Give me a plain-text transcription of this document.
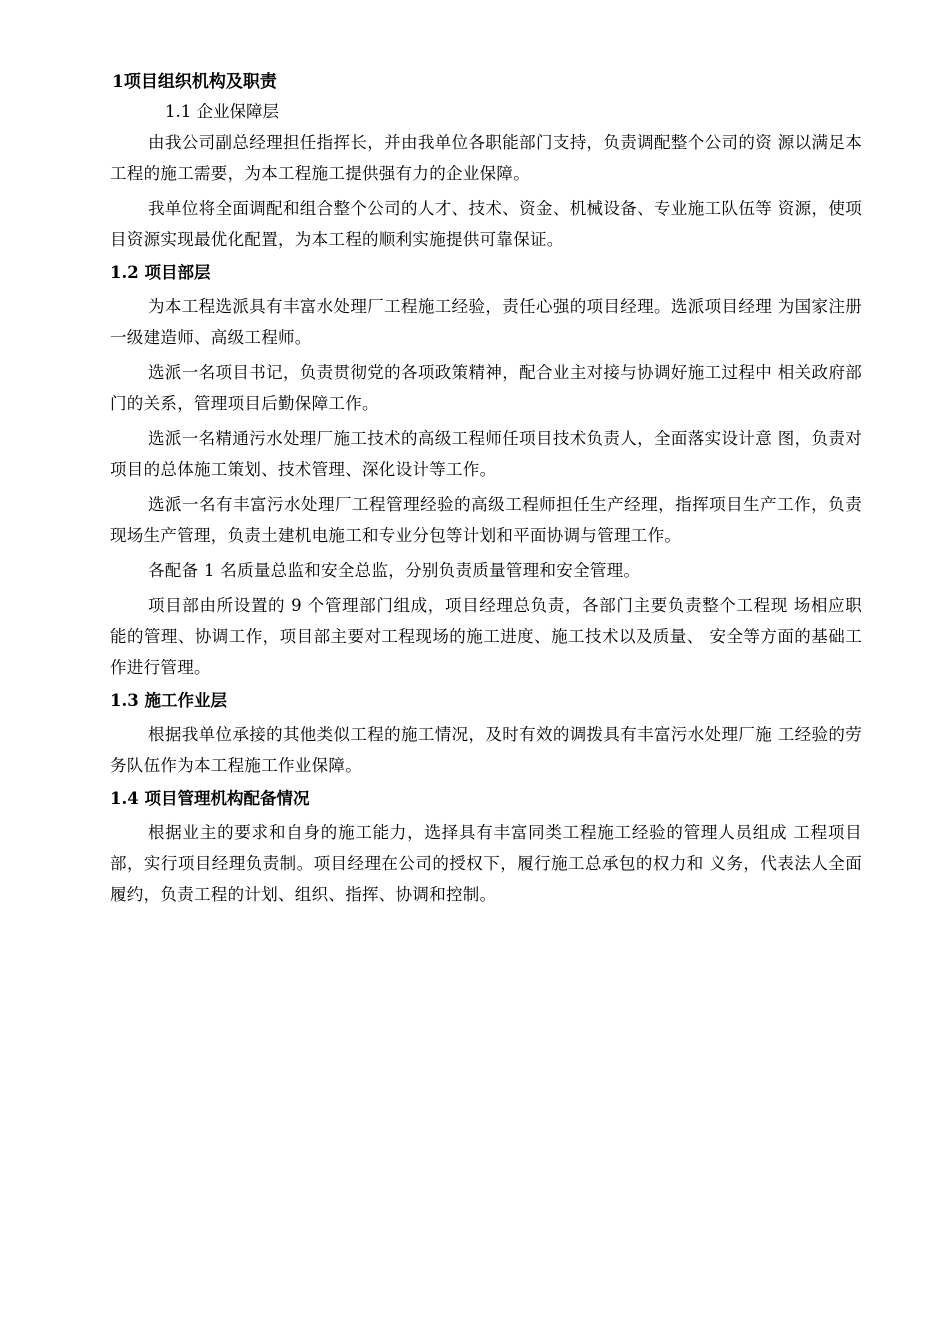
1项目组织机构及职责
1.1 企业保障层

由我公司副总经理担任指挥长，并由我单位各职能部门支持，负责调配整个公司的资 源以满足本工程的施工需要，为本工程施工提供强有力的企业保障。

我单位将全面调配和组合整个公司的人才、技术、资金、机械设备、专业施工队伍等 资源，使项目资源实现最优化配置，为本工程的顺利实施提供可靠保证。

1.2 项目部层

为本工程选派具有丰富水处理厂工程施工经验，责任心强的项目经理。选派项目经理 为国家注册一级建造师、高级工程师。

选派一名项目书记，负责贯彻党的各项政策精神，配合业主对接与协调好施工过程中 相关政府部门的关系，管理项目后勤保障工作。

选派一名精通污水处理厂施工技术的高级工程师任项目技术负责人，全面落实设计意 图，负责对项目的总体施工策划、技术管理、深化设计等工作。

选派一名有丰富污水处理厂工程管理经验的高级工程师担任生产经理，指挥项目生产工作，负责现场生产管理，负责土建机电施工和专业分包等计划和平面协调与管理工作。

各配备 1 名质量总监和安全总监，分别负责质量管理和安全管理。

项目部由所设置的 9 个管理部门组成，项目经理总负责，各部门主要负责整个工程现 场相应职能的管理、协调工作，项目部主要对工程现场的施工进度、施工技术以及质量、 安全等方面的基础工作进行管理。

1.3 施工作业层

根据我单位承接的其他类似工程的施工情况，及时有效的调拨具有丰富污水处理厂施 工经验的劳务队伍作为本工程施工作业保障。

1.4 项目管理机构配备情况

根据业主的要求和自身的施工能力，选择具有丰富同类工程施工经验的管理人员组成 工程项目部，实行项目经理负责制。项目经理在公司的授权下，履行施工总承包的权力和 义务，代表法人全面履约，负责工程的计划、组织、指挥、协调和控制。
